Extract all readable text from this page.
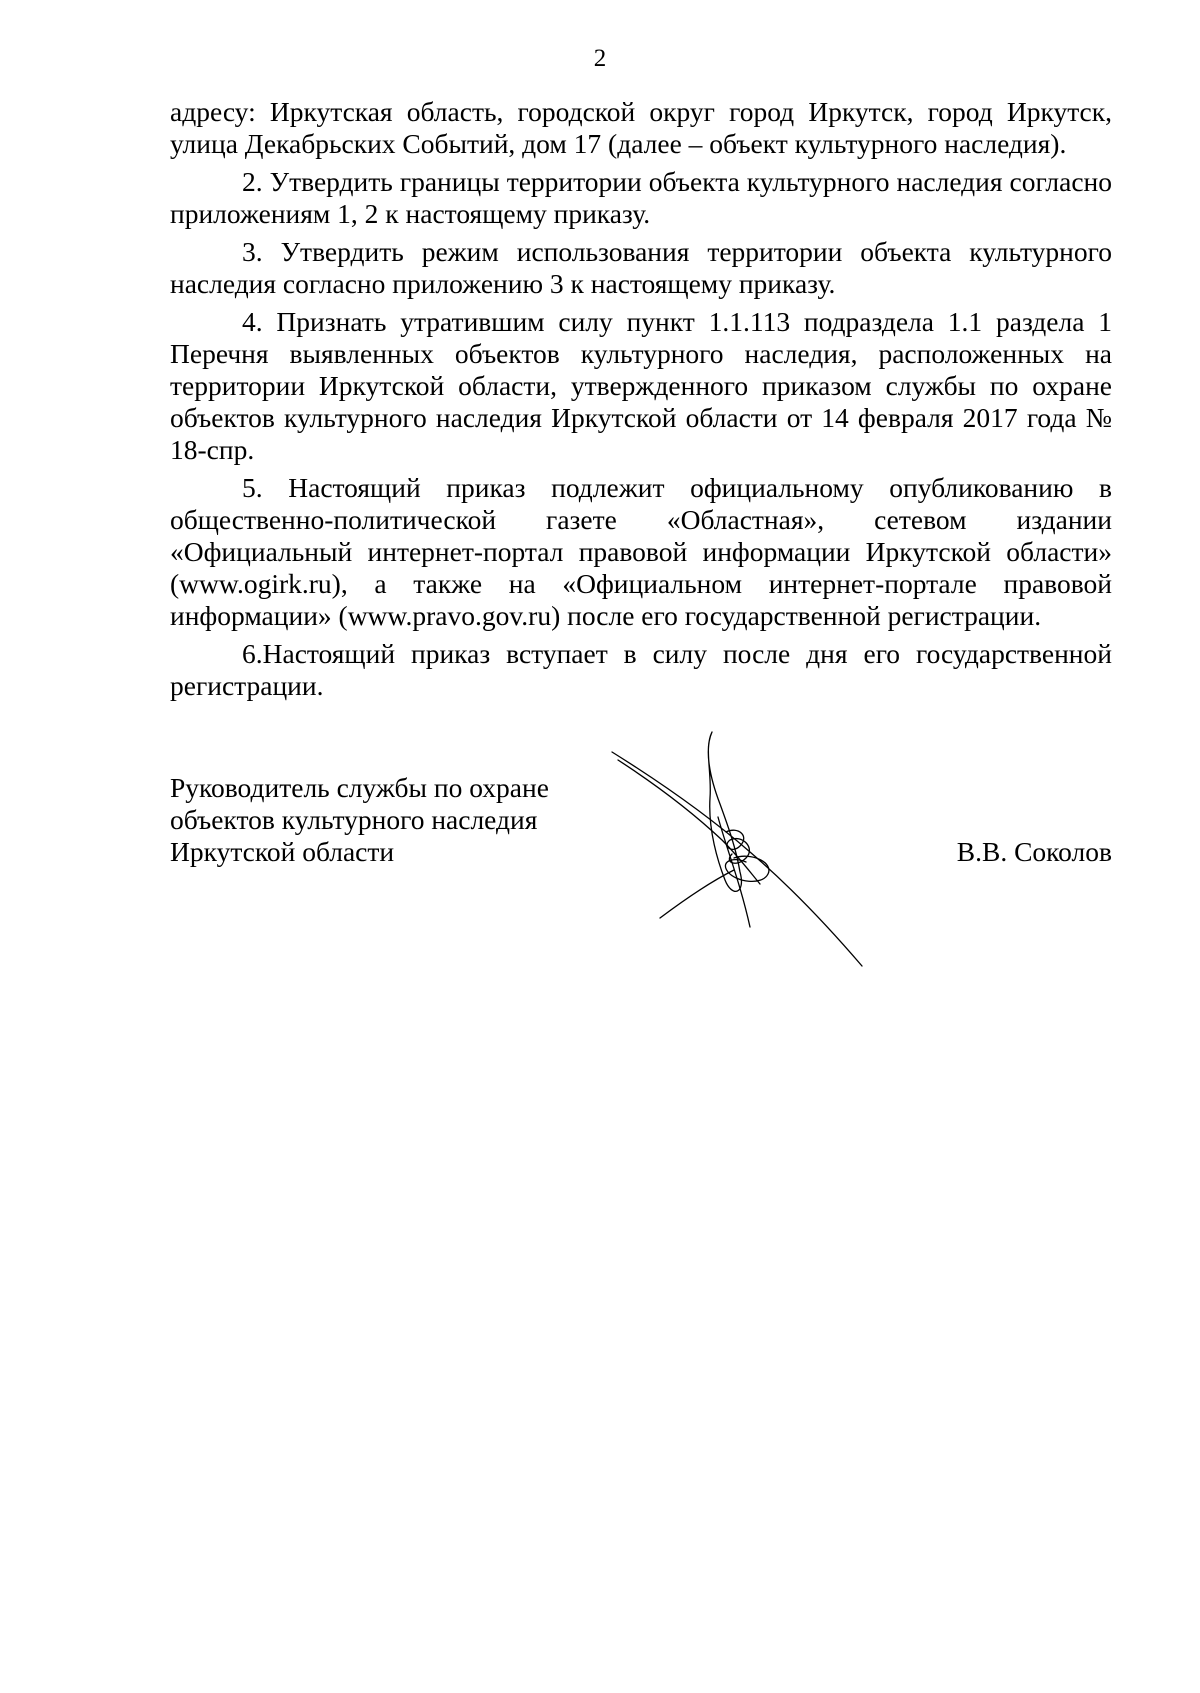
2

адресу: Иркутская область, городской округ город Иркутск, город Иркутск, улица Декабрьских Событий, дом 17 (далее – объект культурного наследия).

2. Утвердить границы территории объекта культурного наследия согласно приложениям 1, 2 к настоящему приказу.

3. Утвердить режим использования территории объекта культурного наследия согласно приложению 3 к настоящему приказу.

4. Признать утратившим силу пункт 1.1.113 подраздела 1.1 раздела 1 Перечня выявленных объектов культурного наследия, расположенных на территории Иркутской области, утвержденного приказом службы по охране объектов культурного наследия Иркутской области от 14 февраля 2017 года № 18-спр.

5. Настоящий приказ подлежит официальному опубликованию в общественно-политической газете «Областная», сетевом издании «Официальный интернет-портал правовой информации Иркутской области» (www.ogirk.ru), а также на «Официальном интернет-портале правовой информации» (www.pravo.gov.ru) после его государственной регистрации.

6.Настоящий приказ вступает в силу после дня его государственной регистрации.

Руководитель службы по охране
объектов культурного наследия
Иркутской области	В.В. Соколов
